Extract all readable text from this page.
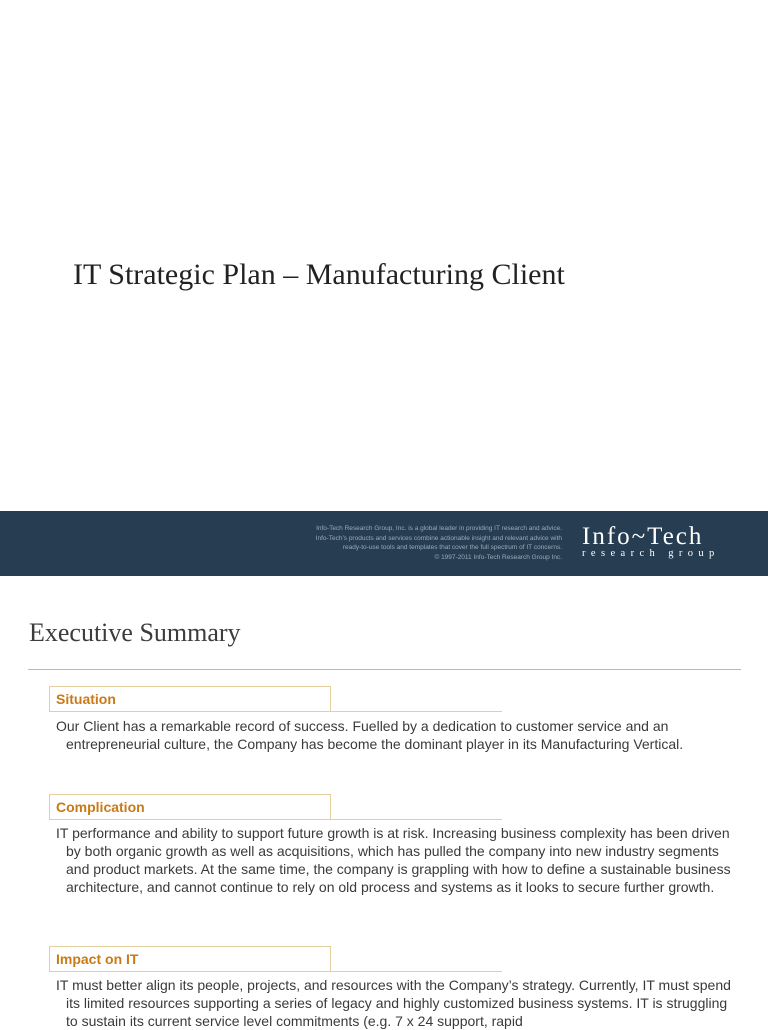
IT Strategic Plan – Manufacturing Client
Info-Tech Research Group, Inc. is a global leader in providing IT research and advice.
Info-Tech’s products and services combine actionable insight and relevant advice with
ready-to-use tools and templates that cover the full spectrum of IT concerns.
© 1997-2011 Info-Tech Research Group Inc.
Info~Tech
research group
Executive Summary
Situation

Our Client has a remarkable record of success. Fuelled by a dedication to customer service and an entrepreneurial culture, the Company has become the dominant player in its Manufacturing Vertical.

Complication

IT performance and ability to support future growth is at risk. Increasing business complexity has been driven by both organic growth as well as acquisitions, which has pulled the company into new industry segments and product markets. At the same time, the company is grappling with how to define a sustainable business architecture, and cannot continue to rely on old process and systems as it looks to secure further growth.

Impact on IT

IT must better align its people, projects, and resources with the Company’s strategy. Currently, IT must spend its limited resources supporting a series of legacy and highly customized business systems. IT is struggling to sustain its current service level commitments (e.g. 7 x 24 support, rapid
